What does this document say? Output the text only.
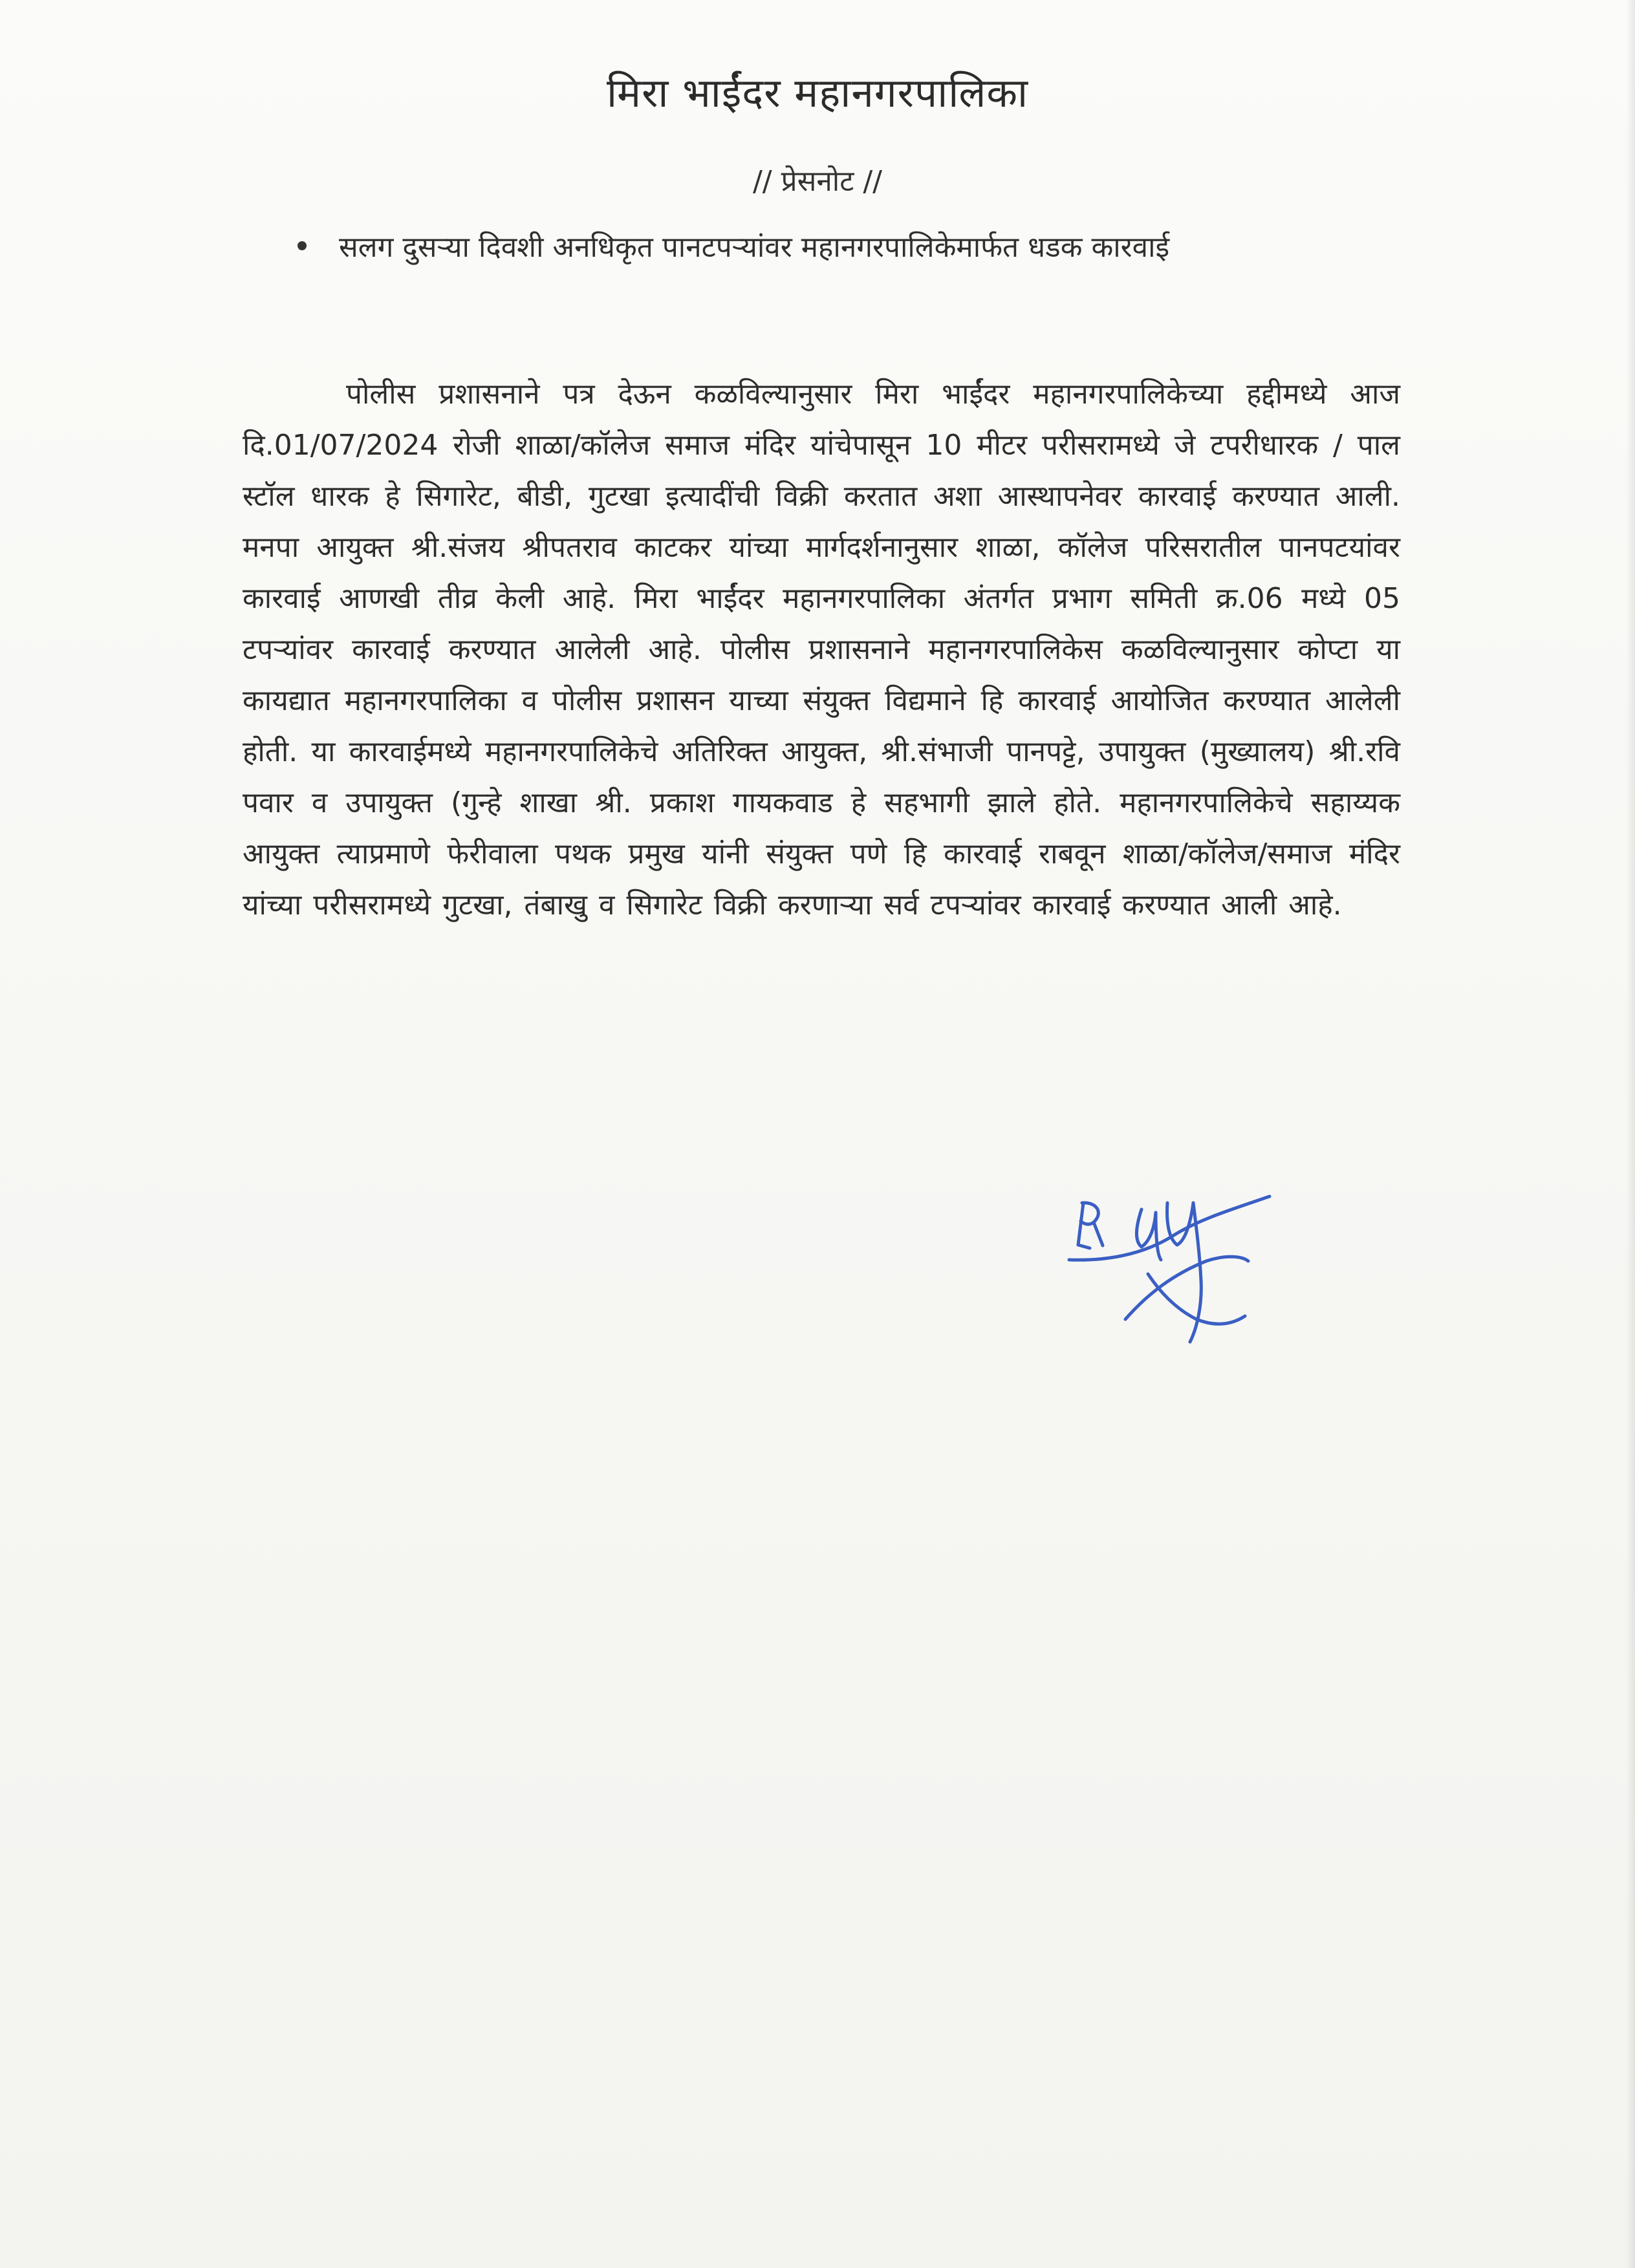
मिरा भाईंदर महानगरपालिका
// प्रेसनोट //
सलग दुसऱ्या दिवशी अनधिकृत पानटपऱ्यांवर महानगरपालिकेमार्फत धडक कारवाई
पोलीस प्रशासनाने पत्र देऊन कळविल्यानुसार मिरा भाईंदर महानगरपालिकेच्या हद्दीमध्ये आज दि.01/07/2024 रोजी शाळा/कॉलेज समाज मंदिर यांचेपासून 10 मीटर परीसरामध्ये जे टपरीधारक / पाल स्टॉल धारक हे सिगारेट, बीडी, गुटखा इत्यादींची विक्री करतात अशा आस्थापनेवर कारवाई करण्यात आली. मनपा आयुक्त श्री.संजय श्रीपतराव काटकर यांच्या मार्गदर्शनानुसार शाळा, कॉलेज परिसरातील पानपटयांवर कारवाई आणखी तीव्र केली आहे. मिरा भाईंदर महानगरपालिका अंतर्गत प्रभाग समिती क्र.06 मध्ये 05 टपऱ्यांवर कारवाई करण्यात आलेली आहे. पोलीस प्रशासनाने महानगरपालिकेस कळविल्यानुसार कोप्टा या कायद्यात महानगरपालिका व पोलीस प्रशासन याच्या संयुक्त विद्यमाने हि कारवाई आयोजित करण्यात आलेली होती. या कारवाईमध्ये महानगरपालिकेचे अतिरिक्त आयुक्त, श्री.संभाजी पानपट्टे, उपायुक्त (मुख्यालय) श्री.रवि पवार व उपायुक्त (गुन्हे शाखा श्री. प्रकाश गायकवाड हे सहभागी झाले होते. महानगरपालिकेचे सहाय्यक आयुक्त त्याप्रमाणे फेरीवाला पथक प्रमुख यांनी संयुक्त पणे हि कारवाई राबवून शाळा/कॉलेज/समाज मंदिर यांच्या परीसरामध्ये गुटखा, तंबाखु व सिगारेट विक्री करणाऱ्या सर्व टपऱ्यांवर कारवाई करण्यात आली आहे.
